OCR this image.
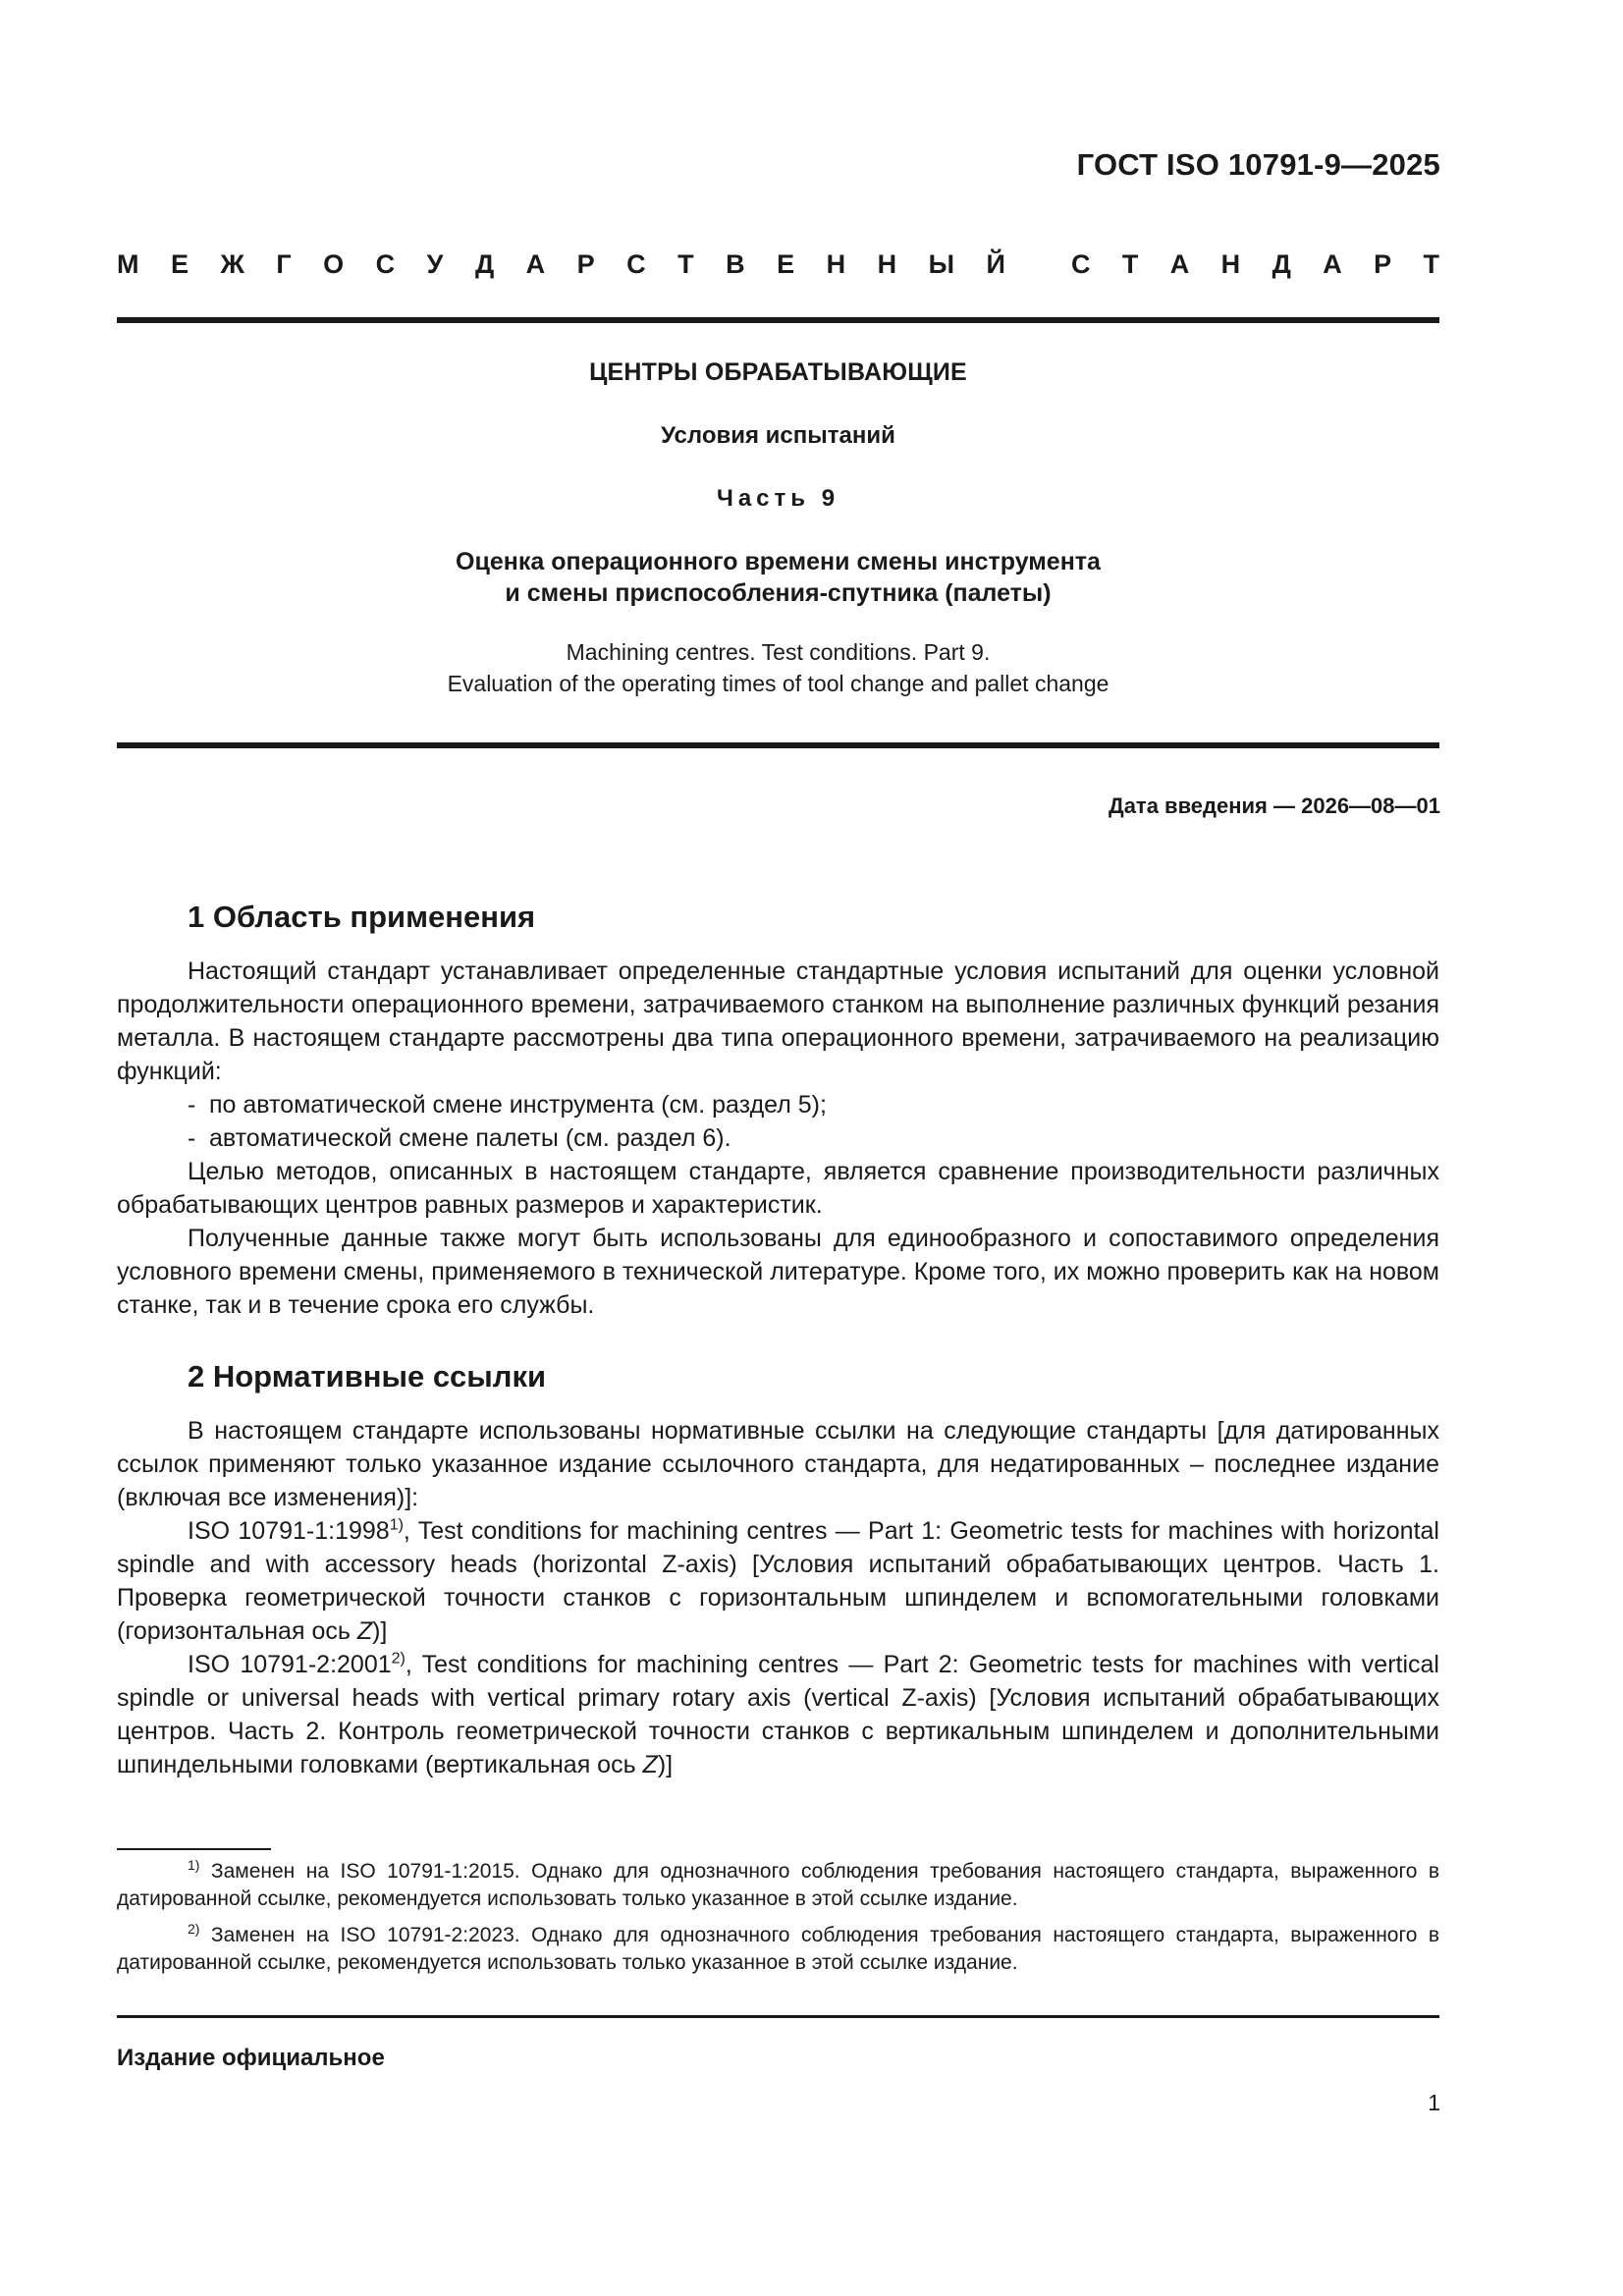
ГОСТ ISO 10791-9—2025
М Е Ж Г О С У Д А Р С Т В Е Н Н Ы Й С Т А Н Д А Р Т

ЦЕНТРЫ ОБРАБАТЫВАЮЩИЕ

Условия испытаний

Часть 9

Оценка операционного времени смены инструмента
и смены приспособления-спутника (палеты)

Machining centres. Test conditions. Part 9.
Evaluation of the operating times of tool change and pallet change

Дата введения — 2026—08—01
1 Область применения

Настоящий стандарт устанавливает определенные стандартные условия испытаний для оценки условной продолжительности операционного времени, затрачиваемого станком на выполнение различных функций резания металла. В настоящем стандарте рассмотрены два типа операционного времени, затрачиваемого на реализацию функций:

- по автоматической смене инструмента (см. раздел 5);
- автоматической смене палеты (см. раздел 6).

Целью методов, описанных в настоящем стандарте, является сравнение производительности различных обрабатывающих центров равных размеров и характеристик.

Полученные данные также могут быть использованы для единообразного и сопоставимого определения условного времени смены, применяемого в технической литературе. Кроме того, их можно проверить как на новом станке, так и в течение срока его службы.

2 Нормативные ссылки

В настоящем стандарте использованы нормативные ссылки на следующие стандарты [для датированных ссылок применяют только указанное издание ссылочного стандарта, для недатированных – последнее издание (включая все изменения)]:

ISO 10791-1:1998$^{1)}$, Test conditions for machining centres — Part 1: Geometric tests for machines with horizontal spindle and with accessory heads (horizontal Z-axis) [Условия испытаний обрабатывающих центров. Часть 1. Проверка геометрической точности станков с горизонтальным шпинделем и вспомогательными головками (горизонтальная ось Z)]

ISO 10791-2:2001$^{2)}$, Test conditions for machining centres — Part 2: Geometric tests for machines with vertical spindle or universal heads with vertical primary rotary axis (vertical Z-axis) [Условия испытаний обрабатывающих центров. Часть 2. Контроль геометрической точности станков с вертикальным шпинделем и дополнительными шпиндельными головками (вертикальная ось Z)]

$^{1)}$ Заменен на ISO 10791-1:2015. Однако для однозначного соблюдения требования настоящего стандарта, выраженного в датированной ссылке, рекомендуется использовать только указанное в этой ссылке издание.

$^{2)}$ Заменен на ISO 10791-2:2023. Однако для однозначного соблюдения требования настоящего стандарта, выраженного в датированной ссылке, рекомендуется использовать только указанное в этой ссылке издание.

Издание официальное
1
